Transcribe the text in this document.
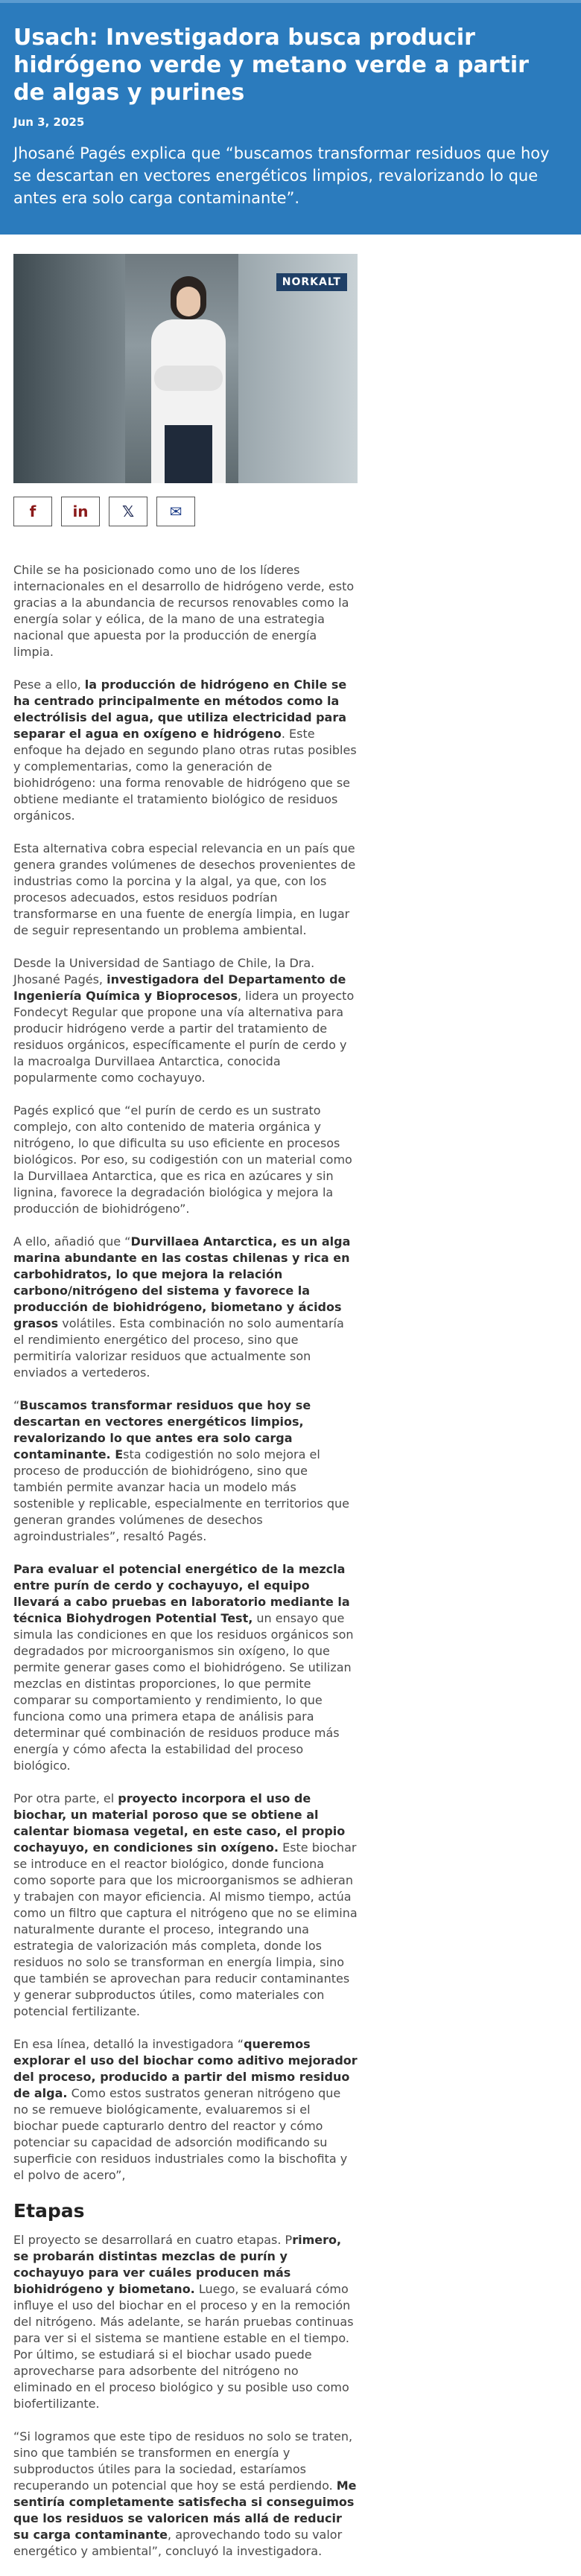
Usach: Investigadora busca producir hidrógeno verde y metano verde a partir de algas y purines
Jun 3, 2025

Jhosané Pagés explica que “buscamos transformar residuos que hoy se descartan en vectores energéticos limpios, revalorizando lo que antes era solo carga contaminante”.

NORKALT
f in 𝕏 ✉

Chile se ha posicionado como uno de los líderes internacionales en el desarrollo de hidrógeno verde, esto gracias a la abundancia de recursos renovables como la energía solar y eólica, de la mano de una estrategia nacional que apuesta por la producción de energía limpia.

Pese a ello, la producción de hidrógeno en Chile se ha centrado principalmente en métodos como la electrólisis del agua, que utiliza electricidad para separar el agua en oxígeno e hidrógeno. Este enfoque ha dejado en segundo plano otras rutas posibles y complementarias, como la generación de biohidrógeno: una forma renovable de hidrógeno que se obtiene mediante el tratamiento biológico de residuos orgánicos.

Esta alternativa cobra especial relevancia en un país que genera grandes volúmenes de desechos provenientes de industrias como la porcina y la algal, ya que, con los procesos adecuados, estos residuos podrían transformarse en una fuente de energía limpia, en lugar de seguir representando un problema ambiental.

Desde la Universidad de Santiago de Chile, la Dra. Jhosané Pagés, investigadora del Departamento de Ingeniería Química y Bioprocesos, lidera un proyecto Fondecyt Regular que propone una vía alternativa para producir hidrógeno verde a partir del tratamiento de residuos orgánicos, específicamente el purín de cerdo y la macroalga Durvillaea Antarctica, conocida popularmente como cochayuyo.

Pagés explicó que “el purín de cerdo es un sustrato complejo, con alto contenido de materia orgánica y nitrógeno, lo que dificulta su uso eficiente en procesos biológicos. Por eso, su codigestión con un material como la Durvillaea Antarctica, que es rica en azúcares y sin lignina, favorece la degradación biológica y mejora la producción de biohidrógeno”.

A ello, añadió que “Durvillaea Antarctica, es un alga marina abundante en las costas chilenas y rica en carbohidratos, lo que mejora la relación carbono/nitrógeno del sistema y favorece la producción de biohidrógeno, biometano y ácidos grasos volátiles. Esta combinación no solo aumentaría el rendimiento energético del proceso, sino que permitiría valorizar residuos que actualmente son enviados a vertederos.

“Buscamos transformar residuos que hoy se descartan en vectores energéticos limpios, revalorizando lo que antes era solo carga contaminante. Esta codigestión no solo mejora el proceso de producción de biohidrógeno, sino que también permite avanzar hacia un modelo más sostenible y replicable, especialmente en territorios que generan grandes volúmenes de desechos agroindustriales”, resaltó Pagés.

Para evaluar el potencial energético de la mezcla entre purín de cerdo y cochayuyo, el equipo llevará a cabo pruebas en laboratorio mediante la técnica Biohydrogen Potential Test, un ensayo que simula las condiciones en que los residuos orgánicos son degradados por microorganismos sin oxígeno, lo que permite generar gases como el biohidrógeno. Se utilizan mezclas en distintas proporciones, lo que permite comparar su comportamiento y rendimiento, lo que funciona como una primera etapa de análisis para determinar qué combinación de residuos produce más energía y cómo afecta la estabilidad del proceso biológico.

Por otra parte, el proyecto incorpora el uso de biochar, un material poroso que se obtiene al calentar biomasa vegetal, en este caso, el propio cochayuyo, en condiciones sin oxígeno. Este biochar se introduce en el reactor biológico, donde funciona como soporte para que los microorganismos se adhieran y trabajen con mayor eficiencia. Al mismo tiempo, actúa como un filtro que captura el nitrógeno que no se elimina naturalmente durante el proceso, integrando una estrategia de valorización más completa, donde los residuos no solo se transforman en energía limpia, sino que también se aprovechan para reducir contaminantes y generar subproductos útiles, como materiales con potencial fertilizante.

En esa línea, detalló la investigadora “queremos explorar el uso del biochar como aditivo mejorador del proceso, producido a partir del mismo residuo de alga. Como estos sustratos generan nitrógeno que no se remueve biológicamente, evaluaremos si el biochar puede capturarlo dentro del reactor y cómo potenciar su capacidad de adsorción modificando su superficie con residuos industriales como la bischofita y el polvo de acero”,

Etapas

El proyecto se desarrollará en cuatro etapas. Primero, se probarán distintas mezclas de purín y cochayuyo para ver cuáles producen más biohidrógeno y biometano. Luego, se evaluará cómo influye el uso del biochar en el proceso y en la remoción del nitrógeno. Más adelante, se harán pruebas continuas para ver si el sistema se mantiene estable en el tiempo. Por último, se estudiará si el biochar usado puede aprovecharse para adsorbente del nitrógeno no eliminado en el proceso biológico y su posible uso como biofertilizante.

“Si logramos que este tipo de residuos no solo se traten, sino que también se transformen en energía y subproductos útiles para la sociedad, estaríamos recuperando un potencial que hoy se está perdiendo. Me sentiría completamente satisfecha si conseguimos que los residuos se valoricen más allá de reducir su carga contaminante, aprovechando todo su valor energético y ambiental”, concluyó la investigadora.
